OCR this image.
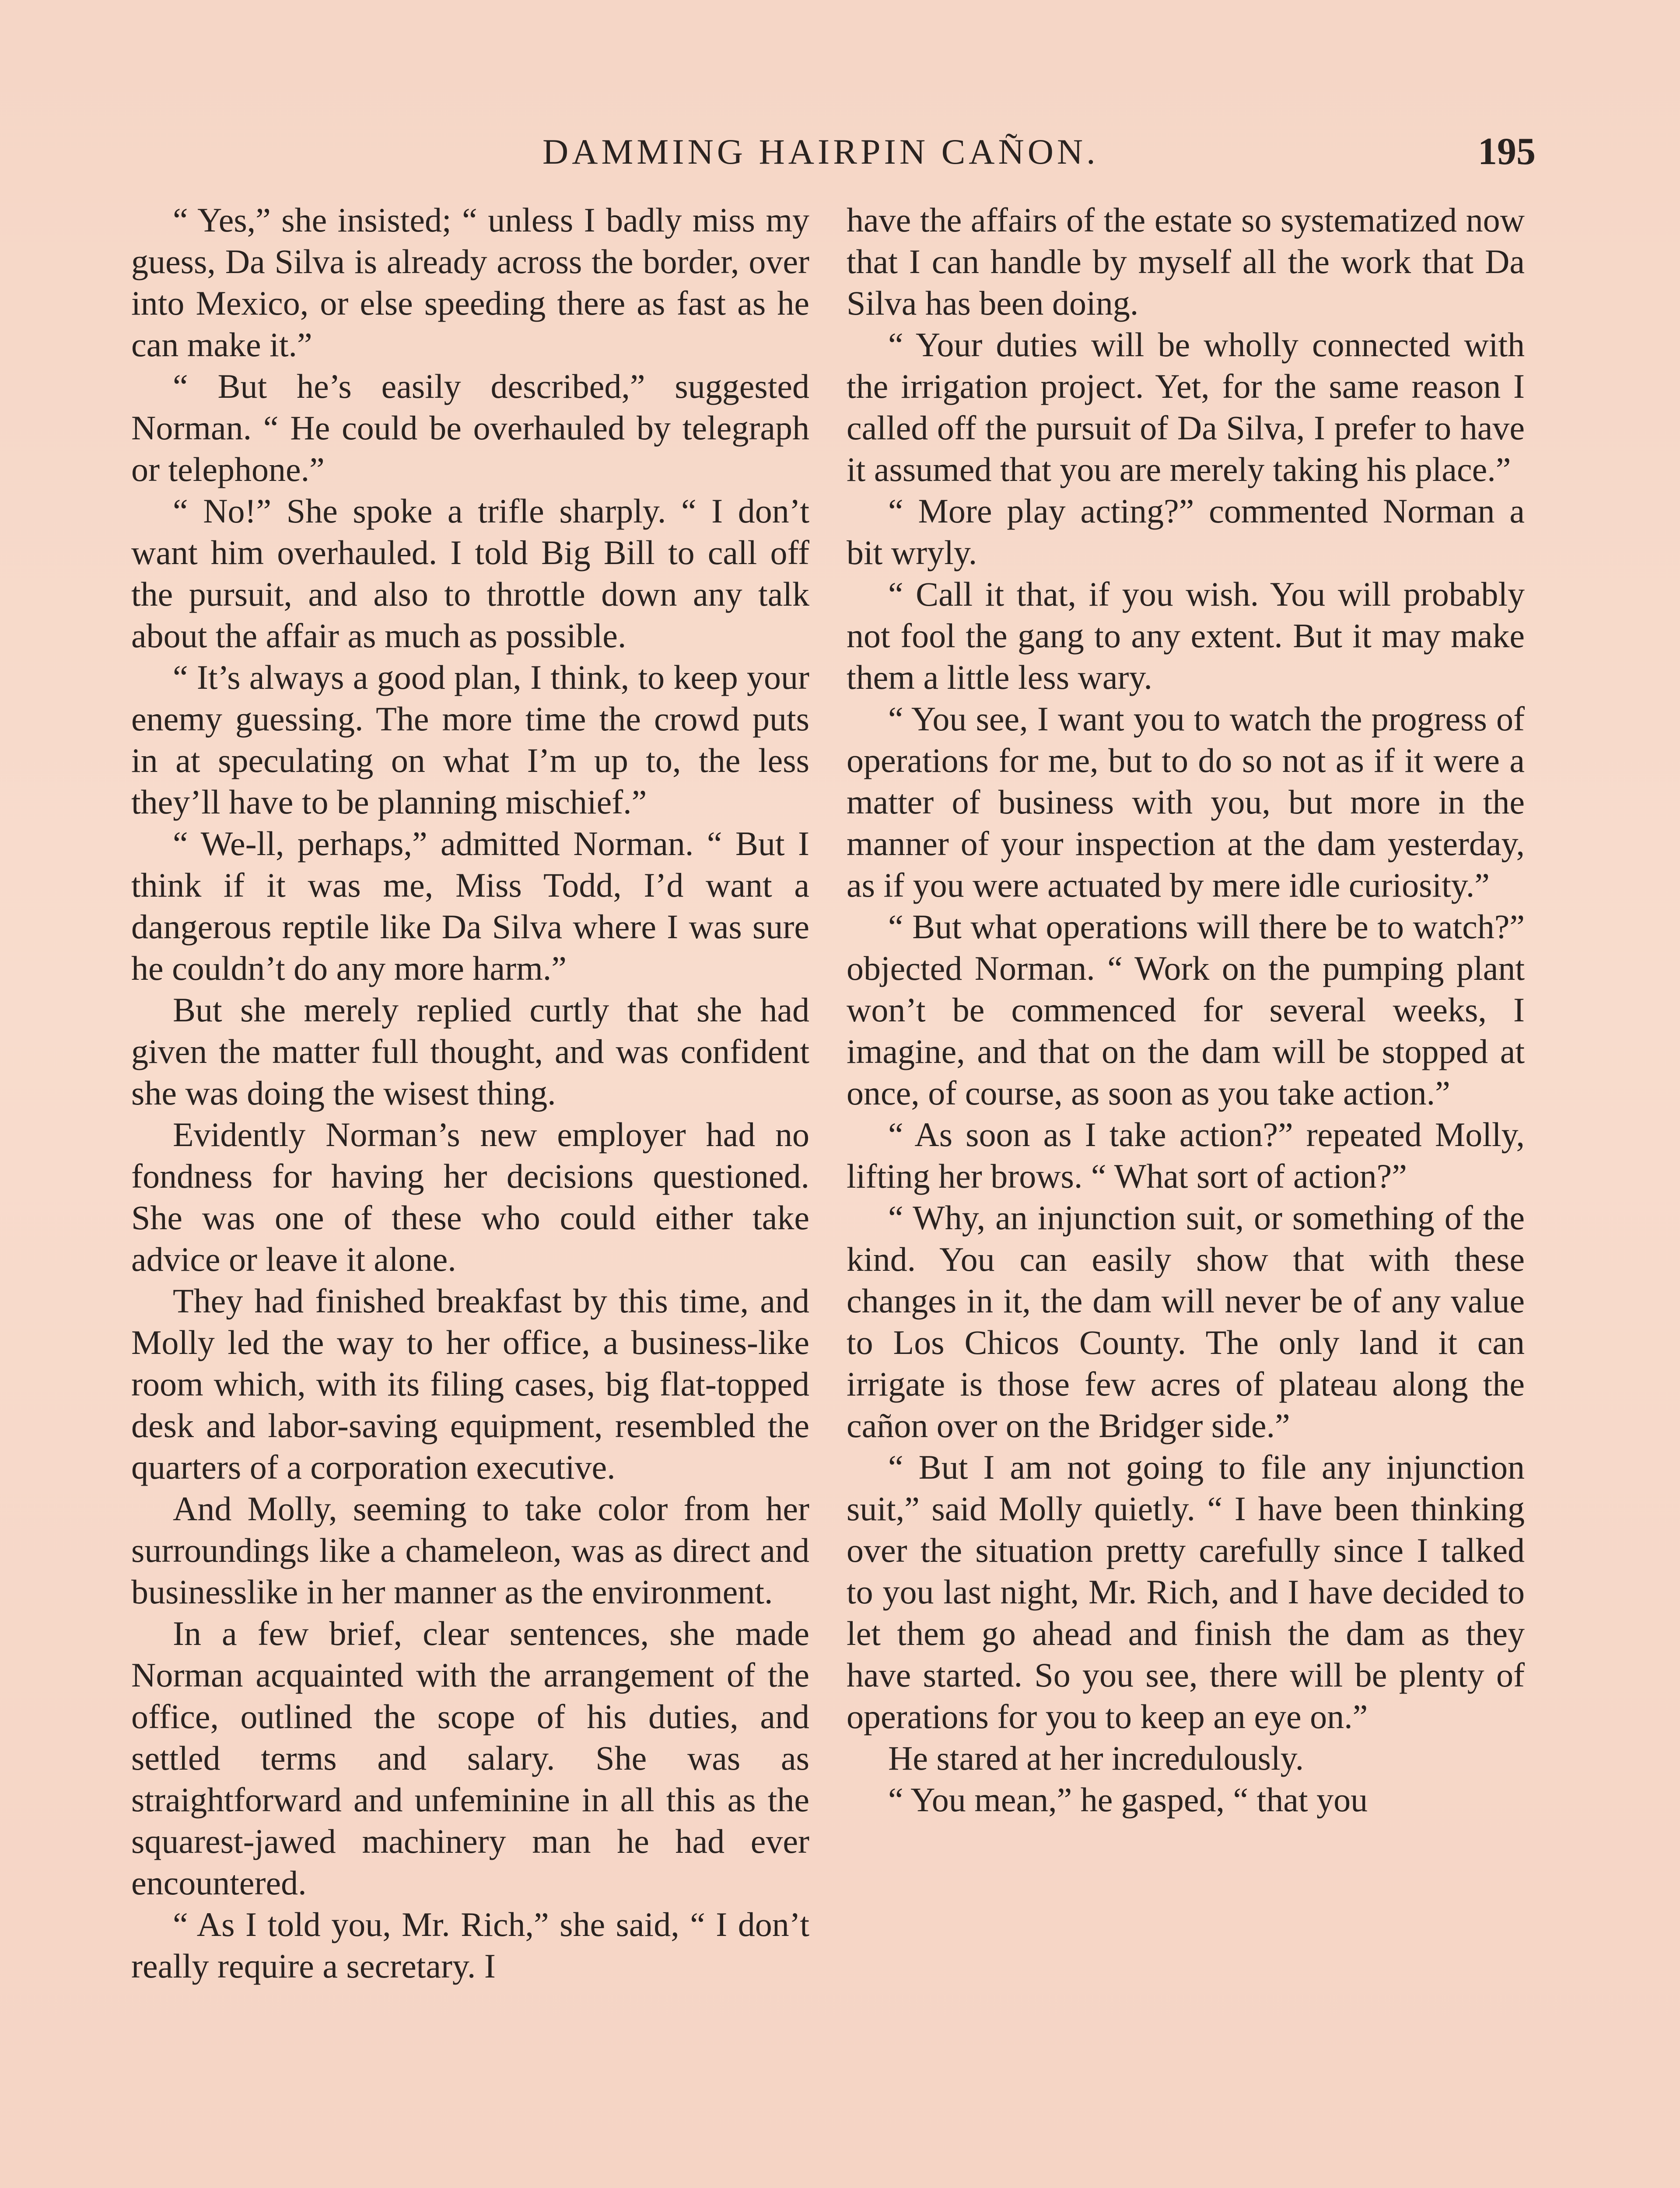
DAMMING HAIRPIN CAÑON.	195

“ Yes,” she insisted; “ unless I badly miss my guess, Da Silva is already across the border, over into Mexico, or else speeding there as fast as he can make it.”

“ But he’s easily described,” suggested Norman. “ He could be overhauled by telegraph or telephone.”

“ No!” She spoke a trifle sharply. “ I don’t want him overhauled. I told Big Bill to call off the pursuit, and also to throttle down any talk about the affair as much as possible.

“ It’s always a good plan, I think, to keep your enemy guessing. The more time the crowd puts in at speculating on what I’m up to, the less they’ll have to be planning mischief.”

“ We-ll, perhaps,” admitted Norman. “ But I think if it was me, Miss Todd, I’d want a dangerous reptile like Da Silva where I was sure he couldn’t do any more harm.”

But she merely replied curtly that she had given the matter full thought, and was confident she was doing the wisest thing.

Evidently Norman’s new employer had no fondness for having her decisions questioned. She was one of these who could either take advice or leave it alone.

They had finished breakfast by this time, and Molly led the way to her office, a business-like room which, with its filing cases, big flat-topped desk and labor-saving equipment, resembled the quarters of a corporation executive.

And Molly, seeming to take color from her surroundings like a chameleon, was as direct and businesslike in her manner as the environment.

In a few brief, clear sentences, she made Norman acquainted with the arrangement of the office, outlined the scope of his duties, and settled terms and salary. She was as straightforward and unfeminine in all this as the squarest-jawed machinery man he had ever encountered.

“ As I told you, Mr. Rich,” she said, “ I don’t really require a secretary. I

have the affairs of the estate so systematized now that I can handle by myself all the work that Da Silva has been doing.

“ Your duties will be wholly connected with the irrigation project. Yet, for the same reason I called off the pursuit of Da Silva, I prefer to have it assumed that you are merely taking his place.”

“ More play acting?” commented Norman a bit wryly.

“ Call it that, if you wish. You will probably not fool the gang to any extent. But it may make them a little less wary.

“ You see, I want you to watch the progress of operations for me, but to do so not as if it were a matter of business with you, but more in the manner of your inspection at the dam yesterday, as if you were actuated by mere idle curiosity.”

“ But what operations will there be to watch?” objected Norman. “ Work on the pumping plant won’t be commenced for several weeks, I imagine, and that on the dam will be stopped at once, of course, as soon as you take action.”

“ As soon as I take action?” repeated Molly, lifting her brows. “ What sort of action?”

“ Why, an injunction suit, or something of the kind. You can easily show that with these changes in it, the dam will never be of any value to Los Chicos County. The only land it can irrigate is those few acres of plateau along the cañon over on the Bridger side.”

“ But I am not going to file any injunction suit,” said Molly quietly. “ I have been thinking over the situation pretty carefully since I talked to you last night, Mr. Rich, and I have decided to let them go ahead and finish the dam as they have started. So you see, there will be plenty of operations for you to keep an eye on.”

He stared at her incredulously.

“ You mean,” he gasped, “ that you
